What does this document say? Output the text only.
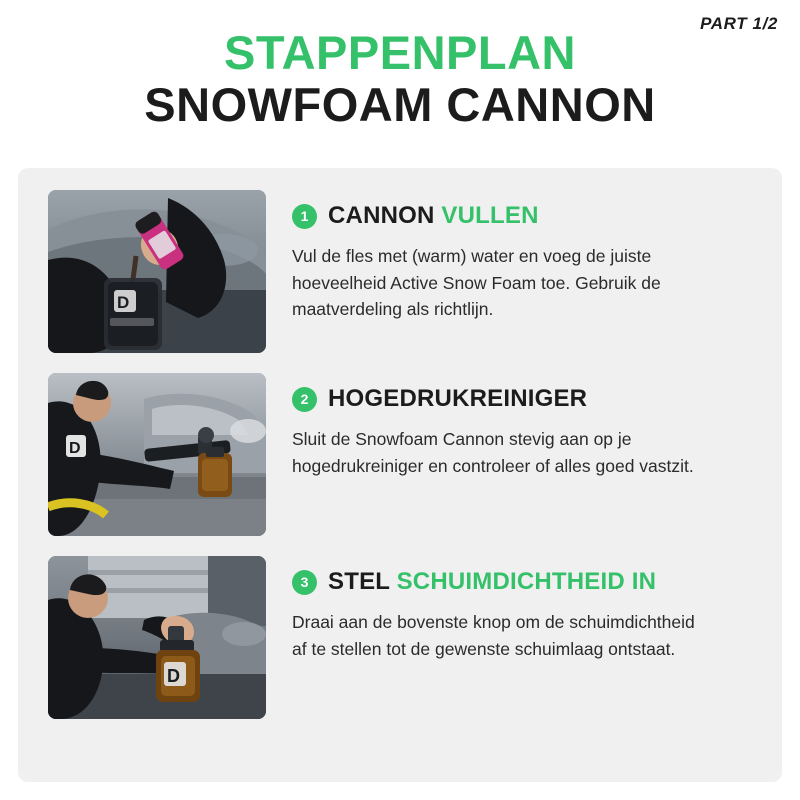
PART 1/2
STAPPENPLAN
SNOWFOAM CANNON
D
1 CANNON VULLEN

Vul de fles met (warm) water en voeg de juiste hoeveelheid Active Snow Foam toe. Gebruik de maatverdeling als richtlijn.

D
2 HOGEDRUKREINIGER

Sluit de Snowfoam Cannon stevig aan op je hogedrukreiniger en controleer of alles goed vastzit.

D
3 STEL SCHUIMDICHTHEID IN

Draai aan de bovenste knop om de schuimdichtheid af te stellen tot de gewenste schuimlaag ontstaat.
